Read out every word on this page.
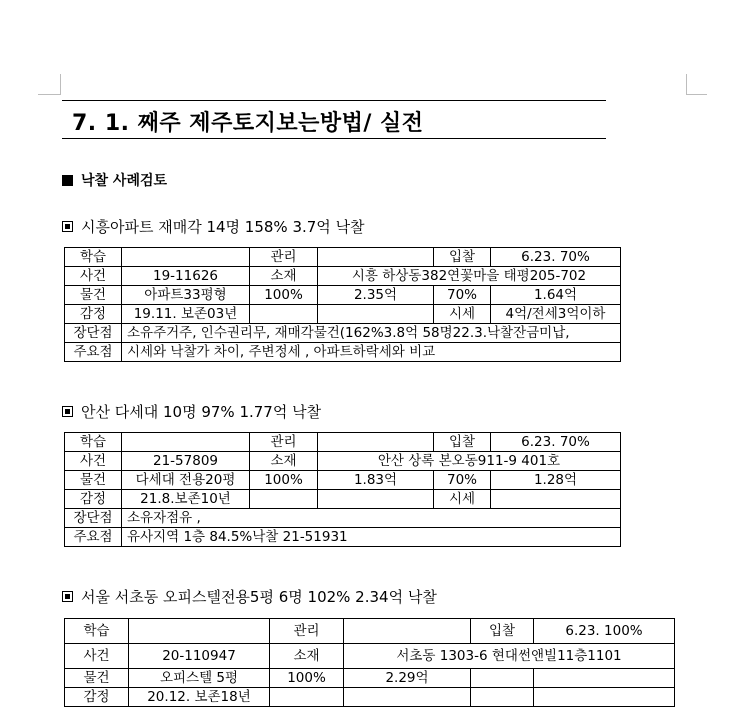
7. 1. 째주 제주토지보는방법/ 실전
낙찰 사례검토
시흥아파트 재매각 14명 158% 3.7억 낙찰
학습		관리		입찰	6.23. 70%
사건	19-11626	소재	시흥 하상동382연꽃마을 태평205-702		
물건	아파트33평형	100%	2.35억	70%	1.64억
감정	19.11. 보존03년			시세	4억/전세3억이하
장단점	소유주거주, 인수권리무, 재매각물건(162%3.8억 58명22.3.낙찰잔금미납,				
주요점	시세와 낙찰가 차이, 주변정세 , 아파트하락세와 비교				
안산 다세대 10명 97% 1.77억 낙찰
학습		관리		입찰	6.23. 70%
사건	21-57809	소재	안산 상록 본오동911-9 401호		
물건	다세대 전용20평	100%	1.83억	70%	1.28억
감정	21.8.보존10년			시세	
장단점	소유자점유 ,				
주요점	유사지역 1층 84.5%낙찰 21-51931				
서울 서초동 오피스텔전용5평 6명 102% 2.34억 낙찰
학습		관리		입찰	6.23. 100%
사건	20-110947	소재	서초동 1303-6 현대썬앤빌11층1101		
물건	오피스텔 5평	100%	2.29억		
감정	20.12. 보존18년				
